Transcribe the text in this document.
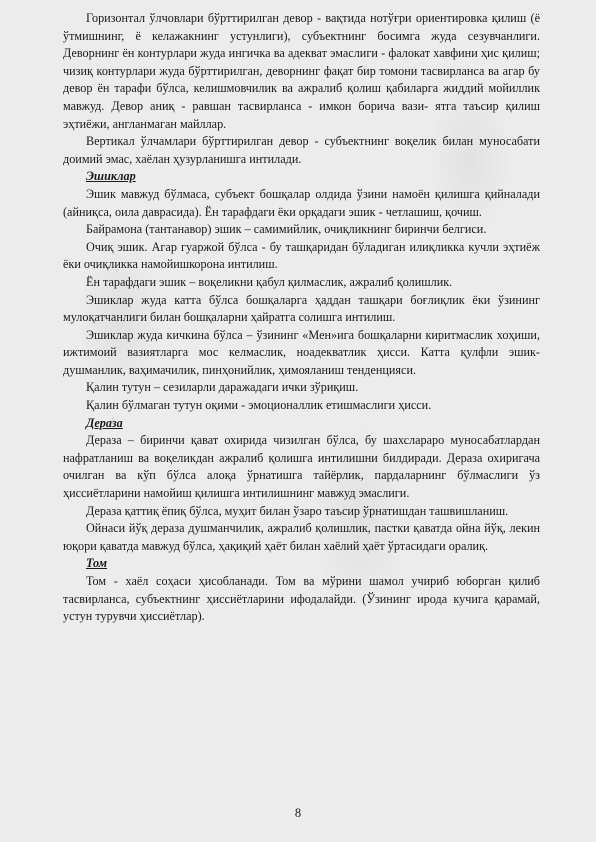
Горизонтал ўлчовлари бўрттирилган девор - вақтида нотўғри ориентировка қилиш (ё ўтмишнинг, ё келажакнинг устунлиги), субъектнинг босимга жуда сезувчанлиги. Деворнинг ён контурлари жуда ингичка ва адекват эмаслиги - фалокат хавфини ҳис қилиш; чизиқ контурлари жуда бўрттирилган, деворнинг фақат бир томони тасвирланса ва агар бу девор ён тарафи бўлса, келишмовчилик ва ажралиб қолиш қабиларга жиддий мойиллик мавжуд. Девор аниқ - равшан тасвирланса - имкон борича вази- ятга таъсир қилиш эҳтиёжи, англанмаган майллар.

Вертикал ўлчамлари бўрттирилган девор - субъектнинг воқелик билан муносабати доимий эмас, хаёлан ҳузурланишга интилади.

Эшиклар

Эшик мавжуд бўлмаса, субъект бошқалар олдида ўзини намоён қилишга қийналади (айниқса, оила даврасида). Ён тарафдаги ёки орқадаги эшик - четлашиш, қочиш.

Байрамона (тантанавор) эшик – самимийлик, очиқликнинг биринчи белгиси.

Очиқ эшик. Агар гуаржой бўлса - бу ташқаридан бўладиган илиқликка кучли эҳтиёж ёки очиқликка намойишкорона интилиш.

Ён тарафдаги эшик – воқеликни қабул қилмаслик, ажралиб қолишлик.

Эшиклар жуда катта бўлса бошқаларга ҳаддан ташқари боғлиқлик ёки ўзининг мулоқатчанлиги билан бошқаларни ҳайратга солишга интилиш.

Эшиклар жуда кичкина бўлса – ўзининг «Мен»ига бошқаларни киритмаслик хоҳиши, ижтимоий вазиятларга мос келмаслик, ноадекватлик ҳисси. Катта қулфли эшик-душманлик, ваҳимачилик, пинҳонийлик, ҳимояланиш тенденцияси.

Қалин тутун – сезиларли даражадаги ички зўриқиш.

Қалин бўлмаган тутун оқими - эмоционаллик етишмаслиги ҳисси.

Дераза

Дераза – биринчи қават охирида чизилган бўлса, бу шахслараро муносабатлардан нафратланиш ва воқеликдан ажралиб қолишга интилишни билдиради. Дераза охиригача очилган ва кўп бўлса алоқа ўрнатишга тайёрлик, пардаларнинг бўлмаслиги ўз ҳиссиётларини намойиш қилишга интилишнинг мавжуд эмаслиги.

Дераза қаттиқ ёпиқ бўлса, муҳит билан ўзаро таъсир ўрнатишдан ташвишланиш.

Ойнаси йўқ дераза душманчилик, ажралиб қолишлик, пастки қаватда ойна йўқ, лекин юқори қаватда мавжуд бўлса, ҳақиқий ҳаёт билан хаёлий ҳаёт ўртасидаги оралиқ.

Том

Том - хаёл соҳаси ҳисобланади. Том ва мўрини шамол учириб юборган қилиб тасвирланса, субъектнинг ҳиссиётларини ифодалайди. (Ўзининг ирода кучига қарамай, устун турувчи ҳиссиётлар).

8
